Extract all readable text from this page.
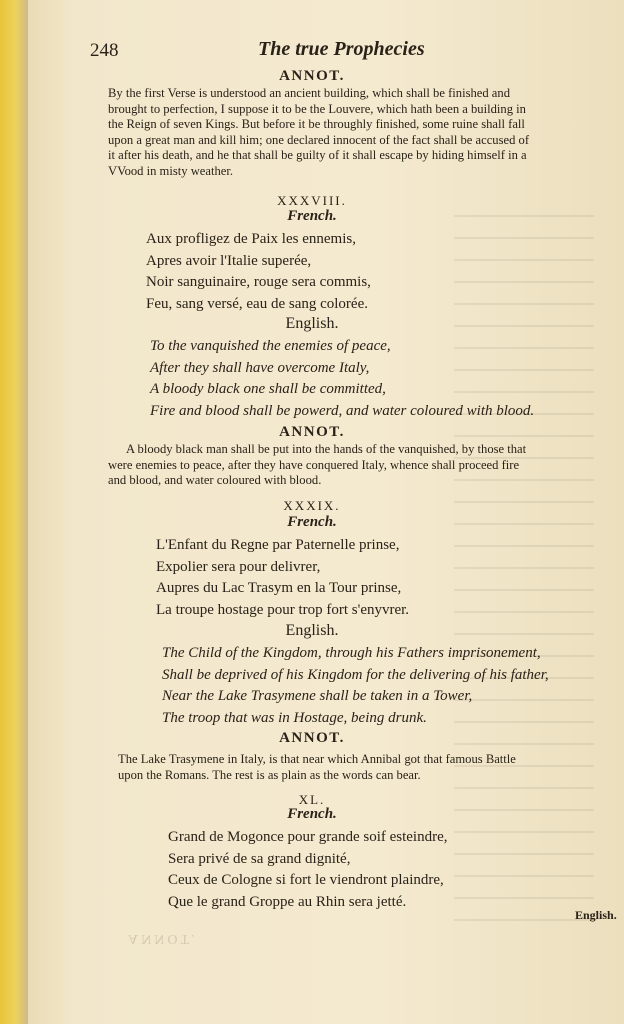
ANNOT.
248	The true Prophecies
ANNOT.
By the first Verse is understood an ancient building, which shall be finished and
brought to perfection, I suppose it to be the Louvere, which hath been a building in
the Reign of seven Kings. But before it be throughly finished, some ruine shall fall
upon a great man and kill him; one declared innocent of the fact shall be accused of
it after his death, and he that shall be guilty of it shall escape by hiding himself in a
VVood in misty weather.
XXXVIII.
French.
Aux profligez de Paix les ennemis,
Apres avoir l'Italie superée,
Noir sanguinaire, rouge sera commis,
Feu, sang versé, eau de sang colorée.
English.
To the vanquished the enemies of peace,
After they shall have overcome Italy,
A bloody black one shall be committed,
Fire and blood shall be powerd, and water coloured with blood.
ANNOT.
A bloody black man shall be put into the hands of the vanquished, by those that
were enemies to peace, after they have conquered Italy, whence shall proceed fire
and blood, and water coloured with blood.
XXXIX.
French.
L'Enfant du Regne par Paternelle prinse,
Expolier sera pour delivrer,
Aupres du Lac Trasym en la Tour prinse,
La troupe hostage pour trop fort s'enyvrer.
English.
The Child of the Kingdom, through his Fathers imprisonement,
Shall be deprived of his Kingdom for the delivering of his father,
Near the Lake Trasymene shall be taken in a Tower,
The troop that was in Hostage, being drunk.
ANNOT.
The Lake Trasymene in Italy, is that near which Annibal got that famous Battle
upon the Romans. The rest is as plain as the words can bear.
XL.
French.
Grand de Mogonce pour grande soif esteindre,
Sera privé de sa grand dignité,
Ceux de Cologne si fort le viendront plaindre,
Que le grand Groppe au Rhin sera jetté.
English.
